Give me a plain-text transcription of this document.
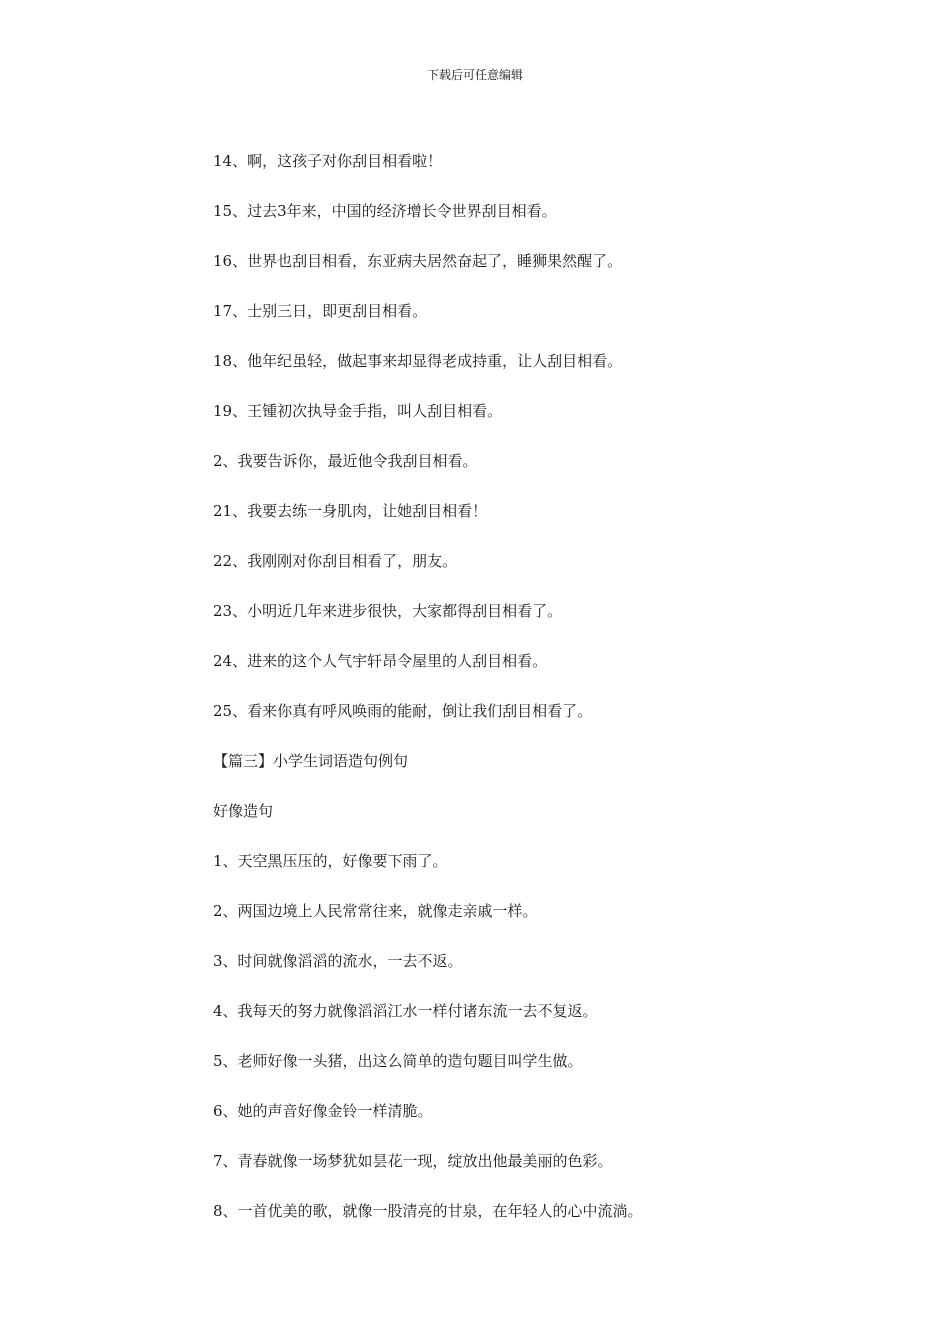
下载后可任意编辑
14、啊，这孩子对你刮目相看啦！
15、过去3年来，中国的经济增长令世界刮目相看。
16、世界也刮目相看，东亚病夫居然奋起了，睡狮果然醒了。
17、士别三日，即更刮目相看。
18、他年纪虽轻，做起事来却显得老成持重，让人刮目相看。
19、王锺初次执导金手指，叫人刮目相看。
2、我要告诉你，最近他令我刮目相看。
21、我要去练一身肌肉，让她刮目相看！
22、我刚刚对你刮目相看了，朋友。
23、小明近几年来进步很快，大家都得刮目相看了。
24、进来的这个人气宇轩昂令屋里的人刮目相看。
25、看来你真有呼风唤雨的能耐，倒让我们刮目相看了。
【篇三】小学生词语造句例句
好像造句
1、天空黑压压的，好像要下雨了。
2、两国边境上人民常常往来，就像走亲戚一样。
3、时间就像滔滔的流水，一去不返。
4、我每天的努力就像滔滔江水一样付诸东流一去不复返。
5、老师好像一头猪，出这么简单的造句题目叫学生做。
6、她的声音好像金铃一样清脆。
7、青春就像一场梦犹如昙花一现，绽放出他最美丽的色彩。
8、一首优美的歌，就像一股清亮的甘泉，在年轻人的心中流淌。
